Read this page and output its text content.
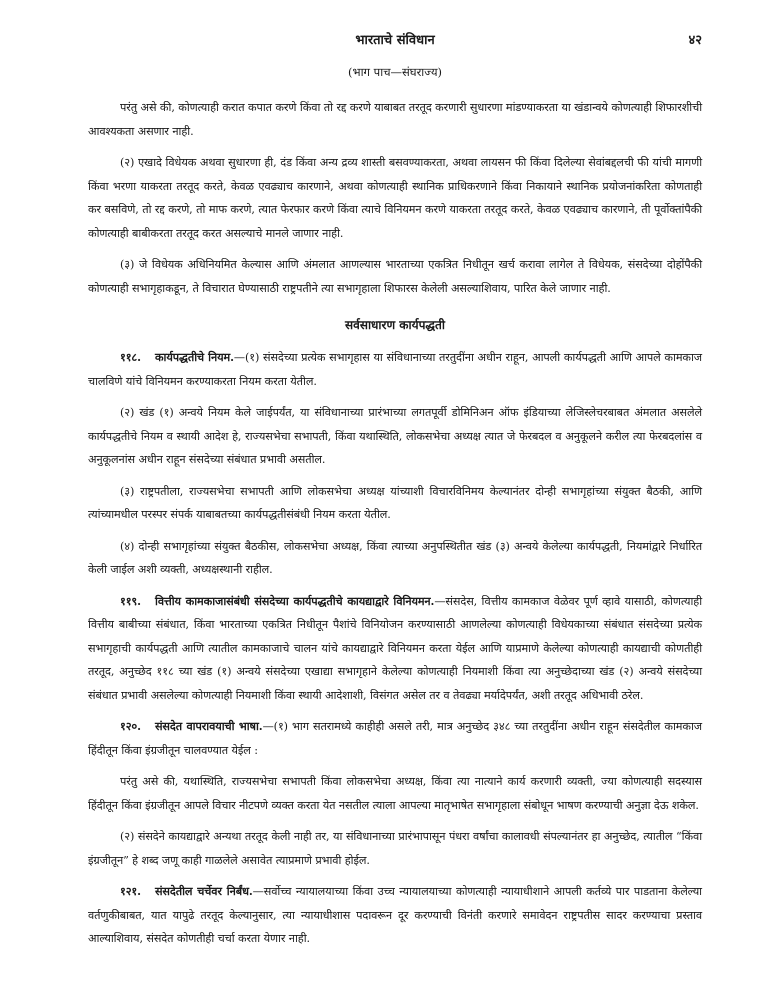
भारताचे संविधान	४२
(भाग पाच—संघराज्य)

परंतु असे की, कोणत्याही करात कपात करणे किंवा तो रद्द करणे याबाबत तरतूद करणारी सुधारणा मांडण्याकरता या खंडान्वये कोणत्याही शिफारशीची आवश्यकता असणार नाही.

(२) एखादे विधेयक अथवा सुधारणा ही, दंड किंवा अन्य द्रव्य शास्ती बसवण्याकरता, अथवा लायसन फी किंवा दिलेल्या सेवांबद्दलची फी यांची मागणी किंवा भरणा याकरता तरतूद करते, केवळ एवढ्याच कारणाने, अथवा कोणत्याही स्थानिक प्राधिकरणाने किंवा निकायाने स्थानिक प्रयोजनांकरिता कोणताही कर बसविणे, तो रद्द करणे, तो माफ करणे, त्यात फेरफार करणे किंवा त्याचे विनियमन करणे याकरता तरतूद करते, केवळ एवढ्याच कारणाने, ती पूर्वोक्तांपैकी कोणत्याही बाबीकरता तरतूद करत असल्याचे मानले जाणार नाही.

(३) जे विधेयक अधिनियमित केल्यास आणि अंमलात आणल्यास भारताच्या एकत्रित निधीतून खर्च करावा लागेल ते विधेयक, संसदेच्या दोहोंपैकी कोणत्याही सभागृहाकडून, ते विचारात घेण्यासाठी राष्ट्रपतीने त्या सभागृहाला शिफारस केलेली असल्याशिवाय, पारित केले जाणार नाही.

सर्वसाधारण कार्यपद्धती

११८. कार्यपद्धतीचे नियम.—(१) संसदेच्या प्रत्येक सभागृहास या संविधानाच्या तरतुदींना अधीन राहून, आपली कार्यपद्धती आणि आपले कामकाज चालविणे यांचे विनियमन करण्याकरता नियम करता येतील.

(२) खंड (१) अन्वये नियम केले जाईपर्यंत, या संविधानाच्या प्रारंभाच्या लगतपूर्वी डोमिनिअन ऑफ इंडियाच्या लेजिस्लेचरबाबत अंमलात असलेले कार्यपद्धतीचे नियम व स्थायी आदेश हे, राज्यसभेचा सभापती, किंवा यथास्थिति, लोकसभेचा अध्यक्ष त्यात जे फेरबदल व अनुकूलने करील त्या फेरबदलांस व अनुकूलनांस अधीन राहून संसदेच्या संबंधात प्रभावी असतील.

(३) राष्ट्रपतीला, राज्यसभेचा सभापती आणि लोकसभेचा अध्यक्ष यांच्याशी विचारविनिमय केल्यानंतर दोन्ही सभागृहांच्या संयुक्त बैठकी, आणि त्यांच्यामधील परस्पर संपर्क याबाबतच्या कार्यपद्धतीसंबंधी नियम करता येतील.

(४) दोन्ही सभागृहांच्या संयुक्त बैठकीस, लोकसभेचा अध्यक्ष, किंवा त्याच्या अनुपस्थितीत खंड (३) अन्वये केलेल्या कार्यपद्धती, नियमांद्वारे निर्धारित केली जाईल अशी व्यक्ती, अध्यक्षस्थानी राहील.

११९. वित्तीय कामकाजासंबंधी संसदेच्या कार्यपद्धतीचे कायद्याद्वारे विनियमन.—संसदेस, वित्तीय कामकाज वेळेवर पूर्ण व्हावे यासाठी, कोणत्याही वित्तीय बाबीच्या संबंधात, किंवा भारताच्या एकत्रित निधीतून पैशांचे विनियोजन करण्यासाठी आणलेल्या कोणत्याही विधेयकाच्या संबंधात संसदेच्या प्रत्येक सभागृहाची कार्यपद्धती आणि त्यातील कामकाजाचे चालन यांचे कायद्याद्वारे विनियमन करता येईल आणि याप्रमाणे केलेल्या कोणत्याही कायद्याची कोणतीही तरतूद, अनुच्छेद ११८ च्या खंड (१) अन्वये संसदेच्या एखाद्या सभागृहाने केलेल्या कोणत्याही नियमाशी किंवा त्या अनुच्छेदाच्या खंड (२) अन्वये संसदेच्या संबंधात प्रभावी असलेल्या कोणत्याही नियमाशी किंवा स्थायी आदेशाशी, विसंगत असेल तर व तेवढ्या मर्यादेपर्यंत, अशी तरतूद अधिभावी ठरेल.

१२०. संसदेत वापरावयाची भाषा.—(१) भाग सतरामध्ये काहीही असले तरी, मात्र अनुच्छेद ३४८ च्या तरतुदींना अधीन राहून संसदेतील कामकाज हिंदीतून किंवा इंग्रजीतून चालवण्यात येईल :

परंतु असे की, यथास्थिति, राज्यसभेचा सभापती किंवा लोकसभेचा अध्यक्ष, किंवा त्या नात्याने कार्य करणारी व्यक्ती, ज्या कोणत्याही सदस्यास हिंदीतून किंवा इंग्रजीतून आपले विचार नीटपणे व्यक्त करता येत नसतील त्याला आपल्या मातृभाषेत सभागृहाला संबोधून भाषण करण्याची अनुज्ञा देऊ शकेल.

(२) संसदेने कायद्याद्वारे अन्यथा तरतूद केली नाही तर, या संविधानाच्या प्रारंभापासून पंधरा वर्षांचा कालावधी संपल्यानंतर हा अनुच्छेद, त्यातील “किंवा इंग्रजीतून” हे शब्द जणू काही गाळलेले असावेत त्याप्रमाणे प्रभावी होईल.

१२१. संसदेतील चर्चेवर निर्बंध.—सर्वोच्च न्यायालयाच्या किंवा उच्च न्यायालयाच्या कोणत्याही न्यायाधीशाने आपली कर्तव्ये पार पाडताना केलेल्या वर्तणुकीबाबत, यात यापुढे तरतूद केल्यानुसार, त्या न्यायाधीशास पदावरून दूर करण्याची विनंती करणारे समावेदन राष्ट्रपतीस सादर करण्याचा प्रस्ताव आल्याशिवाय, संसदेत कोणतीही चर्चा करता येणार नाही.
